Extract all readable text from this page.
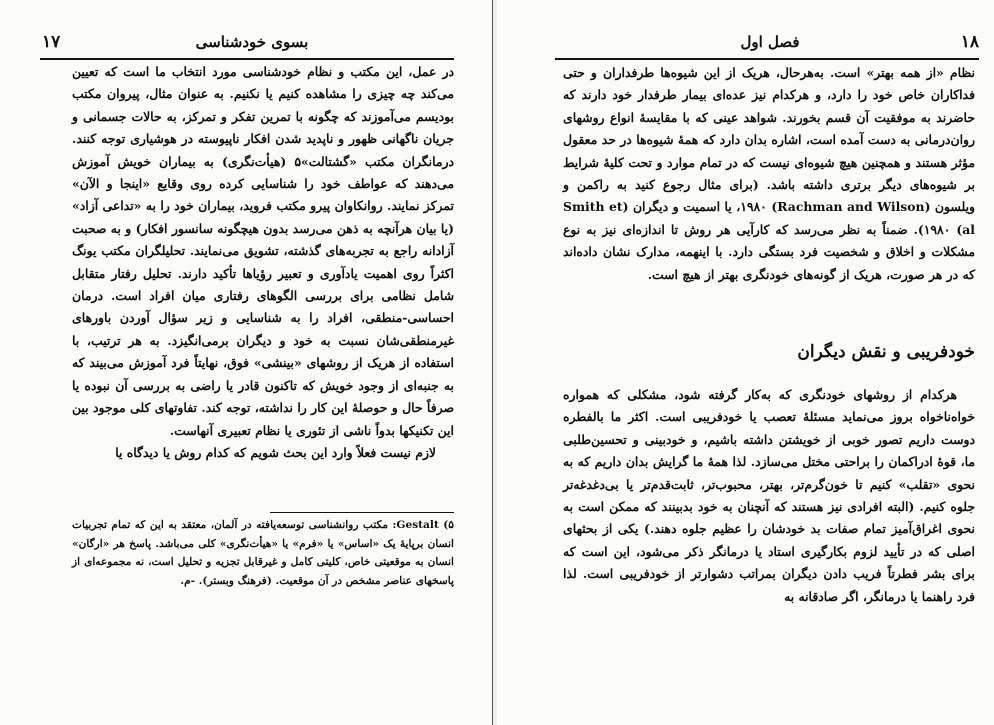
۱۷	بسوی خودشناسی

در عمل، این مکتب و نظام خودشناسی مورد انتخاب ما است که تعیین می‌کند چه چیزی را مشاهده کنیم یا نکنیم. به عنوان مثال، پیروان مکتب بودیسم می‌آموزند که چگونه با تمرین تفکر و تمرکز، به حالات جسمانی و جریان ناگهانی ظهور و ناپدید شدن افکار ناپیوسته در هوشیاری توجه کنند. درمانگران مکتب «گشتالت»۵ (هیأت‌نگری) به بیماران خویش آموزش می‌دهند که عواطف خود را شناسایی کرده روی وقایع «اینجا و الآن» تمرکز نمایند. روانکاوان پیرو مکتب فروید، بیماران خود را به «تداعی آزاد» (یا بیان هرآنچه به ذهن می‌رسد بدون هیچگونه سانسور افکار) و به صحبت آزادانه راجع به تجربه‌های گذشته، تشویق می‌نمایند. تحلیلگران مکتب یونگ اکثراً روی اهمیت یادآوری و تعبیر رؤیاها تأکید دارند. تحلیل رفتار متقابل شامل نظامی برای بررسی الگوهای رفتاری میان افراد است. درمان احساسی-منطقی، افراد را به شناسایی و زیر سؤال آوردن باورهای غیرمنطقی‌شان نسبت به خود و دیگران برمی‌انگیزد. به هر ترتیب، با استفاده از هریک از روشهای «بینشی» فوق، نهایتاً فرد آموزش می‌بیند که به جنبه‌ای از وجود خویش که تاکنون قادر یا راضی به بررسی آن نبوده یا صرفاً حال و حوصلهٔ این کار را نداشته، توجه کند. تفاوتهای کلی موجود بین این تکنیکها بدواً ناشی از تئوری یا نظام تعبیری آنهاست.

لازم نیست فعلاً وارد این بحث شویم که کدام روش یا دیدگاه یا

۵) Gestalt: مکتب روانشناسی توسعه‌یافته در آلمان، معتقد به این که تمام تجربیات انسان برپایهٔ یک «اساس» یا «فرم» یا «هیأت‌نگری» کلی می‌باشد. پاسخ هر «ارگان» انسان به موقعیتی خاص، کلیتی کامل و غیرقابل تجزیه و تحلیل است، نه مجموعه‌ای از پاسخهای عناصر مشخص در آن موقعیت. (فرهنگ وبستر). -م.

فصل اول	۱۸

نظام «از همه بهتر» است. به‌هرحال، هریک از این شیوه‌ها طرفداران و حتی فداکاران خاص خود را دارد، و هرکدام نیز عده‌ای بیمار طرفدار خود دارند که حاضرند به موفقیت آن قسم بخورند. شواهد عینی که با مقایسهٔ انواع روشهای روان‌درمانی به دست آمده است، اشاره بدان دارد که همهٔ شیوه‌ها در حد معقول مؤثر هستند و همچنین هیچ شیوه‌ای نیست که در تمام موارد و تحت کلیهٔ شرایط بر شیوه‌های دیگر برتری داشته باشد. (برای مثال رجوع کنید به راکمن و ویلسون (Rachman and Wilson) ۱۹۸۰، یا اسمیت و دیگران (Smith et al) ۱۹۸۰). ضمناً به نظر می‌رسد که کارآیی هر روش تا اندازه‌ای نیز به نوع مشکلات و اخلاق و شخصیت فرد بستگی دارد. با اینهمه، مدارک نشان داده‌اند که در هر صورت، هریک از گونه‌های خودنگری بهتر از هیچ است.

خودفریبی و نقش دیگران

هرکدام از روشهای خودنگری که به‌کار گرفته شود، مشکلی که همواره خواه‌ناخواه بروز می‌نماید مسئلهٔ تعصب یا خودفریبی است. اکثر ما بالفطره دوست داریم تصور خوبی از خویشتن داشته باشیم، و خودبینی و تحسین‌طلبی ما، قوهٔ ادراکمان را براحتی مختل می‌سازد. لذا همهٔ ما گرایش بدان داریم که به نحوی «تقلب» کنیم تا خون‌گرم‌تر، بهتر، محبوب‌تر، ثابت‌قدم‌تر یا بی‌دغدغه‌تر جلوه کنیم. (البته افرادی نیز هستند که آنچنان به خود بدبینند که ممکن است به نحوی اغراق‌آمیز تمام صفات بد خودشان را عظیم جلوه دهند.) یکی از بحثهای اصلی که در تأیید لزوم بکارگیری استاد یا درمانگر ذکر می‌شود، این است که برای بشر فطرتاً فریب دادن دیگران بمراتب دشوارتر از خودفریبی است. لذا فرد راهنما یا درمانگر، اگر صادقانه به
